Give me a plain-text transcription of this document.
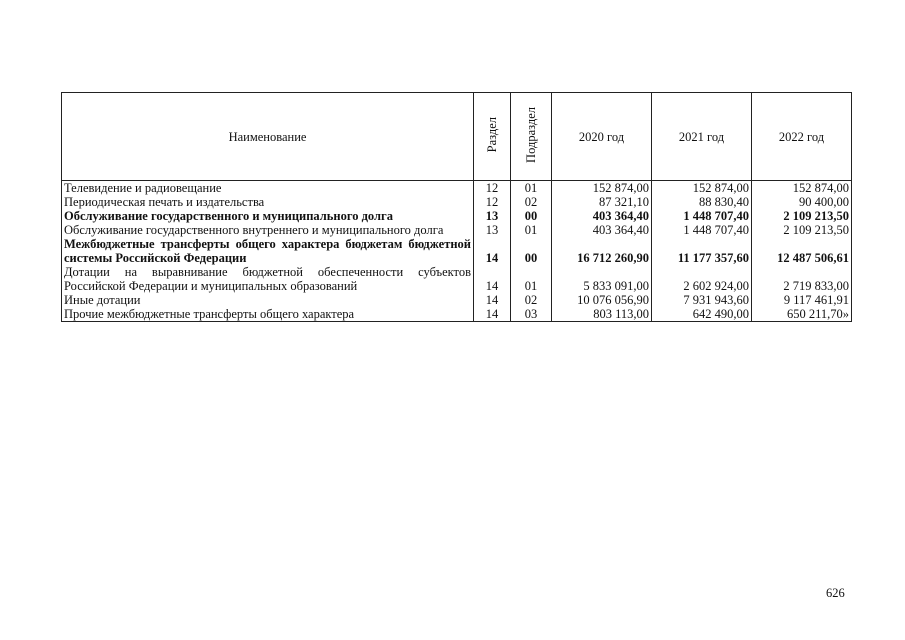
Наименование	Раздел	Подраздел	2020 год	2021 год	2022 год
Телевидение и радиовещание	12	01	152 874,00	152 874,00	152 874,00
Периодическая печать и издательства	12	02	87 321,10	88 830,40	90 400,00
Обслуживание государственного и муниципального долга	13	00	403 364,40	1 448 707,40	2 109 213,50
Обслуживание государственного внутреннего и муниципального долга	13	01	403 364,40	1 448 707,40	2 109 213,50
Межбюджетные трансферты общего характера бюджетам бюджетной системы Российской Федерации	14	00	16 712 260,90	11 177 357,60	12 487 506,61
Дотации на выравнивание бюджетной обеспеченности субъектов Российской Федерации и муниципальных образований	14	01	5 833 091,00	2 602 924,00	2 719 833,00
Иные дотации	14	02	10 076 056,90	7 931 943,60	9 117 461,91
Прочие межбюджетные трансферты общего характера	14	03	803 113,00	642 490,00	650 211,70»
626
